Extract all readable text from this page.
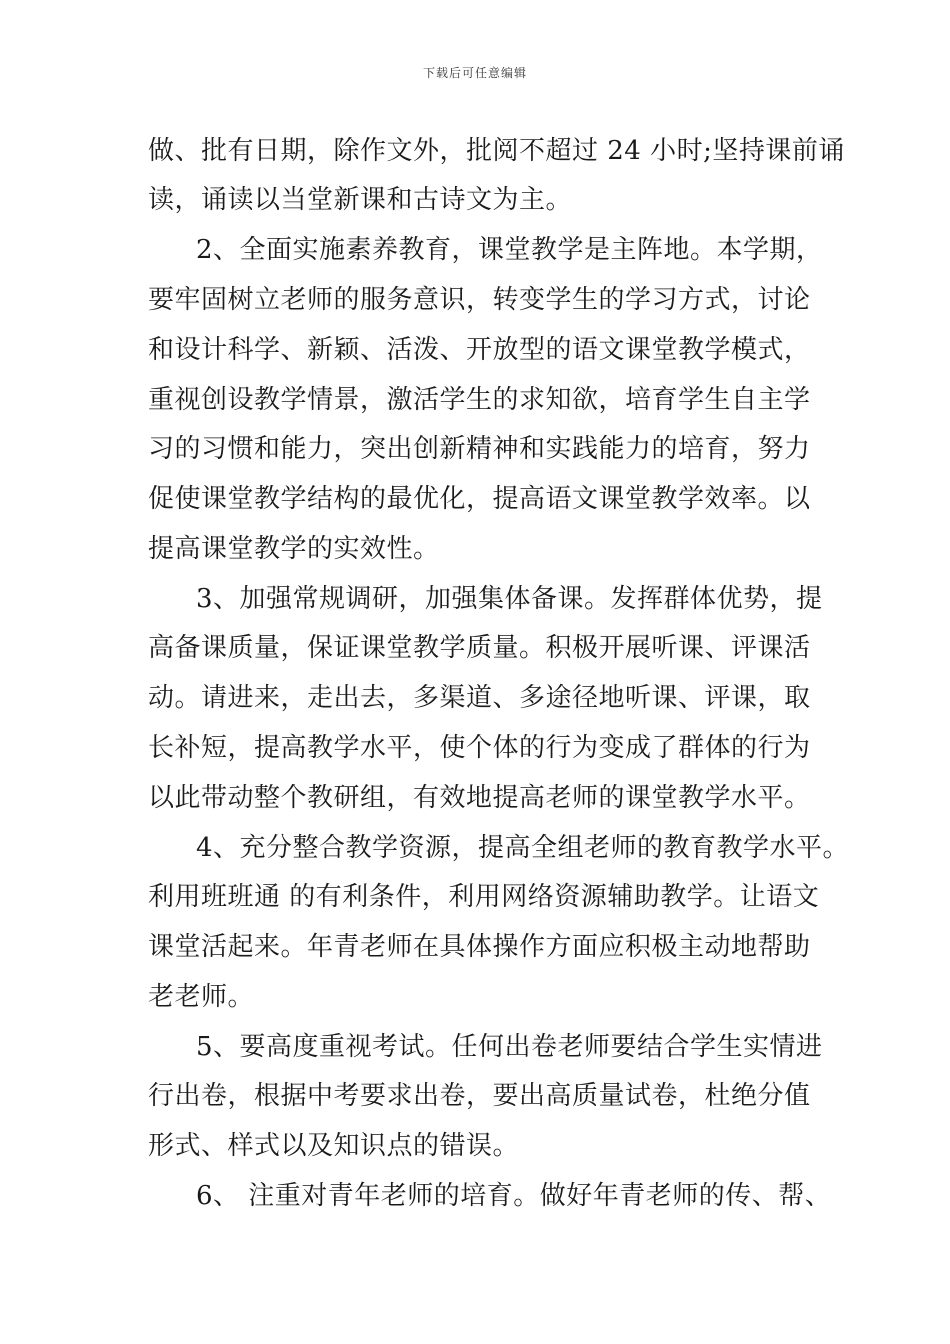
下载后可任意编辑
做、批有日期，除作文外，批阅不超过 24 小时;坚持课前诵
读，诵读以当堂新课和古诗文为主。
2、全面实施素养教育，课堂教学是主阵地。本学期，
要牢固树立老师的服务意识，转变学生的学习方式，讨论
和设计科学、新颖、活泼、开放型的语文课堂教学模式，
重视创设教学情景，激活学生的求知欲，培育学生自主学
习的习惯和能力，突出创新精神和实践能力的培育，努力
促使课堂教学结构的最优化，提高语文课堂教学效率。以
提高课堂教学的实效性。
3、加强常规调研，加强集体备课。发挥群体优势，提
高备课质量，保证课堂教学质量。积极开展听课、评课活
动。请进来，走出去，多渠道、多途径地听课、评课，取
长补短，提高教学水平，使个体的行为变成了群体的行为
以此带动整个教研组，有效地提高老师的课堂教学水平。
4、充分整合教学资源，提高全组老师的教育教学水平。
利用班班通 的有利条件，利用网络资源辅助教学。让语文
课堂活起来。年青老师在具体操作方面应积极主动地帮助
老老师。
5、要高度重视考试。任何出卷老师要结合学生实情进
行出卷，根据中考要求出卷，要出高质量试卷，杜绝分值
形式、样式以及知识点的错误。
6、 注重对青年老师的培育。做好年青老师的传、帮、
